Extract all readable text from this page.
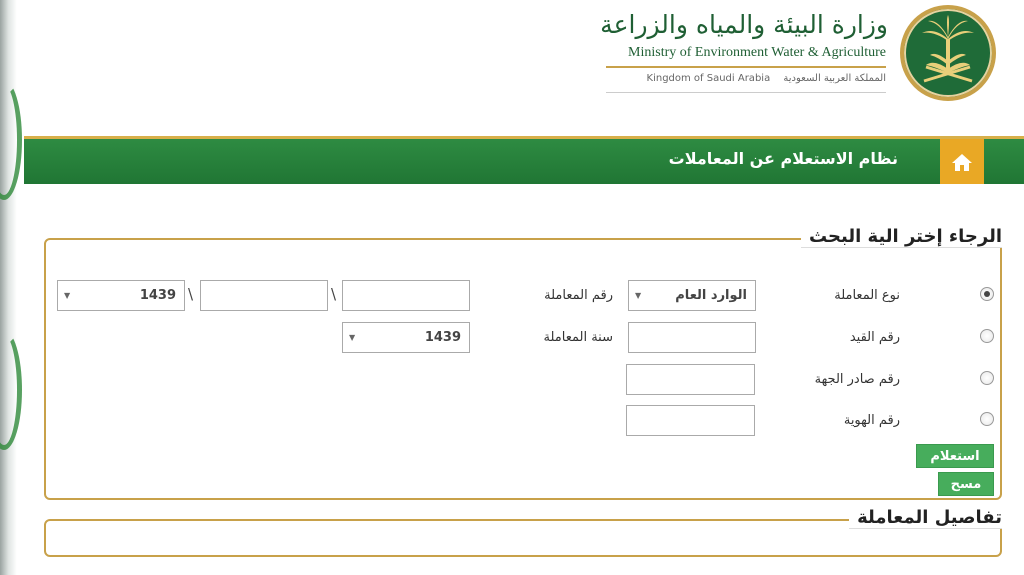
وزارة البيئة والمياه والزراعة
Ministry of Environment Water & Agriculture
Kingdom of Saudi Arabia المملكة العربية السعودية
نظام الاستعلام عن المعاملات
الرجاء إختر الية البحث
نوع المعاملة
الوارد العام
▼
رقم المعاملة
\
\
1439
▼
رقم القيد
سنة المعاملة
1439
▼
رقم صادر الجهة
رقم الهوية
استعلام
مسح
تفاصيل المعاملة
